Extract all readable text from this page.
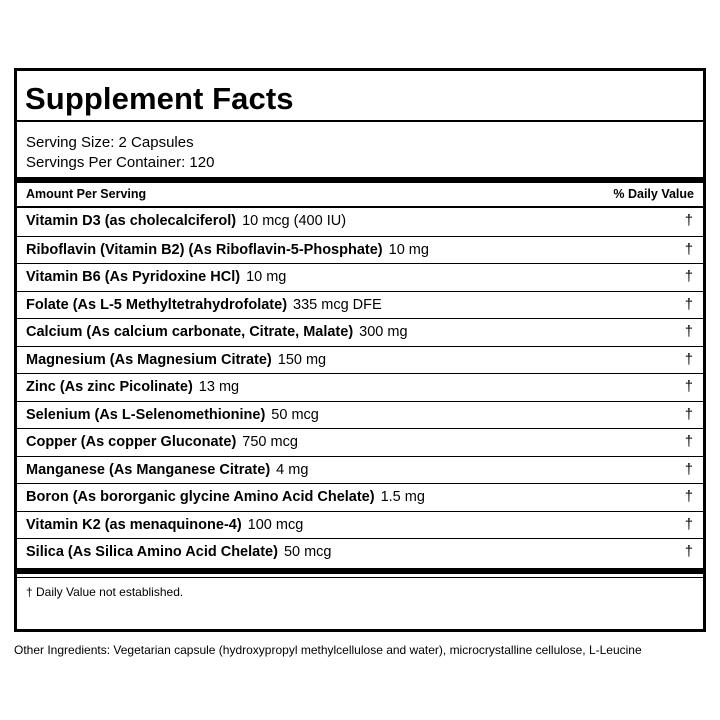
Supplement Facts
Serving Size: 2 Capsules
Servings Per Container: 120
Amount Per Serving	% Daily Value
Vitamin D3 (as cholecalciferol) 10 mcg (400 IU)	†
Riboflavin (Vitamin B2) (As Riboflavin-5-Phosphate) 10 mg	†
Vitamin B6 (As Pyridoxine HCl) 10 mg	†
Folate (As L-5 Methyltetrahydrofolate) 335 mcg DFE	†
Calcium (As calcium carbonate, Citrate, Malate) 300 mg	†
Magnesium (As Magnesium Citrate) 150 mg	†
Zinc (As zinc Picolinate) 13 mg	†
Selenium (As L-Selenomethionine) 50 mcg	†
Copper (As copper Gluconate) 750 mcg	†
Manganese (As Manganese Citrate) 4 mg	†
Boron (As bororganic glycine Amino Acid Chelate) 1.5 mg	†
Vitamin K2 (as menaquinone-4) 100 mcg	†
Silica (As Silica Amino Acid Chelate) 50 mcg	†
† Daily Value not established.
Other Ingredients: Vegetarian capsule (hydroxypropyl methylcellulose and water), microcrystalline cellulose, L-Leucine
